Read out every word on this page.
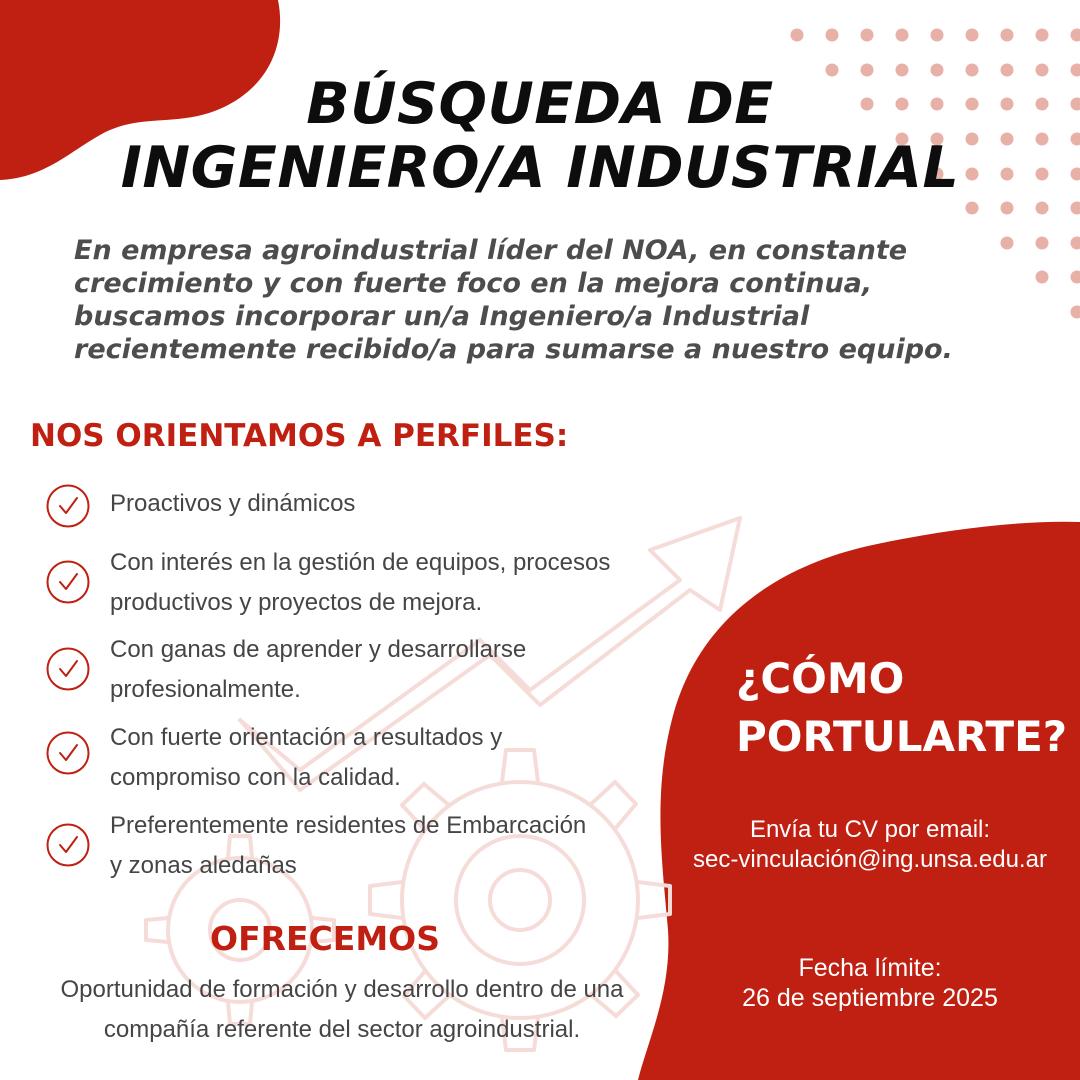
BÚSQUEDA DE
INGENIERO/A INDUSTRIAL

En empresa agroindustrial líder del NOA, en constante
crecimiento y con fuerte foco en la mejora continua,
buscamos incorporar un/a Ingeniero/a Industrial
recientemente recibido/a para sumarse a nuestro equipo.

NOS ORIENTAMOS A PERFILES:
Proactivos y dinámicos
Con interés en la gestión de equipos, procesos
productivos y proyectos de mejora.
Con ganas de aprender y desarrollarse
profesionalmente.
Con fuerte orientación a resultados y
compromiso con la calidad.
Preferentemente residentes de Embarcación
y zonas aledañas
OFRECEMOS
Oportunidad de formación y desarrollo dentro de una
compañía referente del sector agroindustrial.
¿CÓMO
PORTULARTE?
Envía tu CV por email:
sec-vinculación@ing.unsa.edu.ar
Fecha límite:
26 de septiembre 2025
